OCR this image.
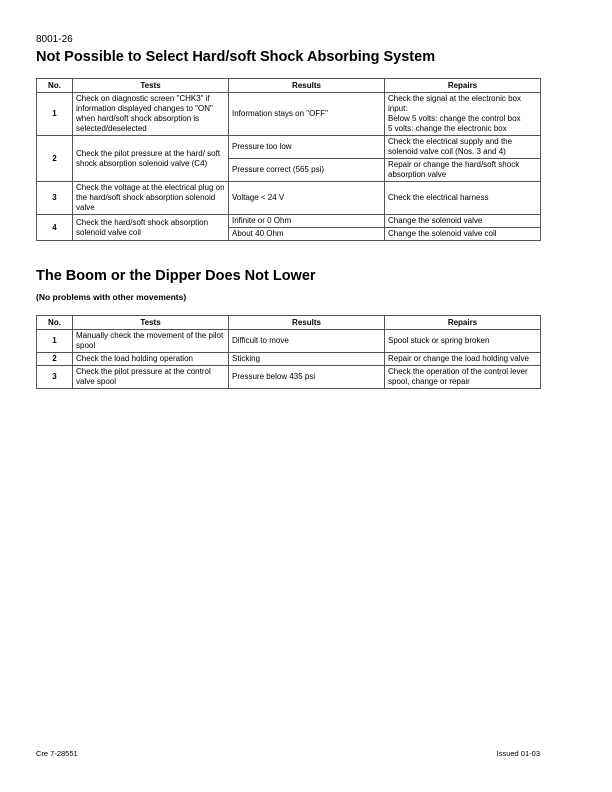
8001-26
Not Possible to Select Hard/soft Shock Absorbing System
No.	Tests	Results	Repairs
1	Check on diagnostic screen "CHK3" if information displayed changes to "ON" when hard/soft shock absorption is selected/deselected	Information stays on "OFF"	Check the signal at the electronic box input:
Below 5 volts: change the control box
5 volts: change the electronic box

2	Check the pilot pressure at the hard/ soft shock absorption solenoid valve (C4)	Pressure too low	Check the electrical supply and the solenoid valve coil (Nos. 3 and 4)
		Pressure correct (565 psi)	Repair or change the hard/soft shock absorption valve
3	Check the voltage at the electrical plug on the hard/soft shock absorption solenoid valve	Voltage < 24 V	Check the electrical harness
4	Check the hard/soft shock absorption solenoid valve coil	Infinite or 0 Ohm	Change the solenoid valve
		About 40 Ohm	Change the solenoid valve coil
The Boom or the Dipper Does Not Lower
(No problems with other movements)
No.	Tests	Results	Repairs
1	Manually check the movement of the pilot spool	Difficult to move	Spool stuck or spring broken
2	Check the load holding operation	Sticking	Repair or change the load holding valve
3	Check the pilot pressure at the control valve spool	Pressure below 435 psi	Check the operation of the control lever spool, change or repair
Cre 7-28551	Issued 01-03
